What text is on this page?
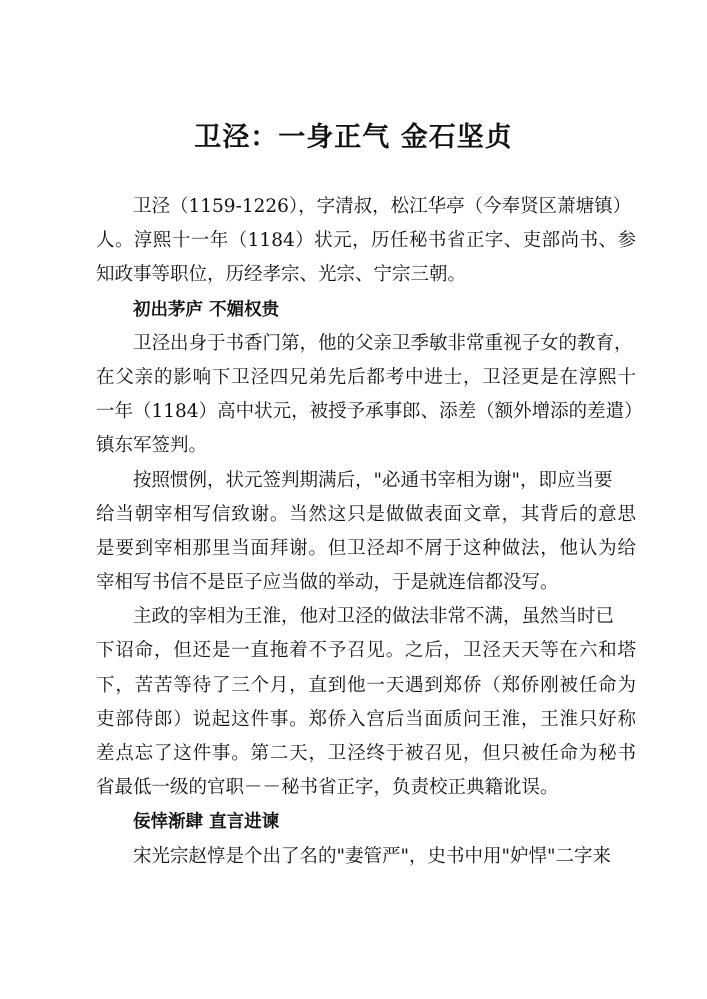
卫泾：一身正气 金石坚贞
卫泾（1159-1226），字清叔，松江华亭（今奉贤区萧塘镇）
人。淳熙十一年（1184）状元，历任秘书省正字、吏部尚书、参
知政事等职位，历经孝宗、光宗、宁宗三朝。
初出茅庐 不媚权贵
卫泾出身于书香门第，他的父亲卫季敏非常重视子女的教育，
在父亲的影响下卫泾四兄弟先后都考中进士，卫泾更是在淳熙十
一年（1184）高中状元，被授予承事郎、添差（额外增添的差遣）
镇东军签判。
按照惯例，状元签判期满后，"必通书宰相为谢"，即应当要
给当朝宰相写信致谢。当然这只是做做表面文章，其背后的意思
是要到宰相那里当面拜谢。但卫泾却不屑于这种做法，他认为给
宰相写书信不是臣子应当做的举动，于是就连信都没写。
主政的宰相为王淮，他对卫泾的做法非常不满，虽然当时已
下诏命，但还是一直拖着不予召见。之后，卫泾天天等在六和塔
下，苦苦等待了三个月，直到他一天遇到郑侨（郑侨刚被任命为
吏部侍郎）说起这件事。郑侨入宫后当面质问王淮，王淮只好称
差点忘了这件事。第二天，卫泾终于被召见，但只被任命为秘书
省最低一级的官职－－秘书省正字，负责校正典籍讹误。
佞悻渐肆 直言进谏
宋光宗赵惇是个出了名的"妻管严"，史书中用"妒悍"二字来
